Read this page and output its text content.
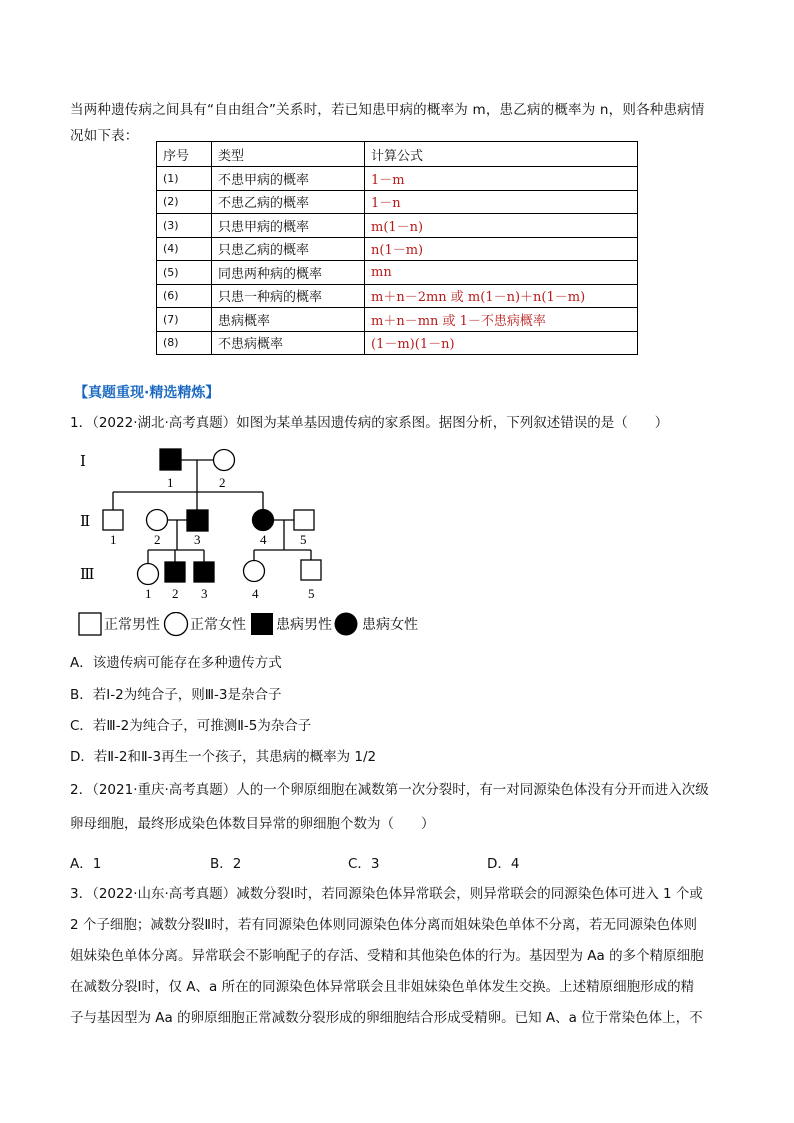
当两种遗传病之间具有“自由组合”关系时，若已知患甲病的概率为 m，患乙病的概率为 n，则各种患病情
况如下表：
序号	类型	计算公式
(1)	不患甲病的概率	1－m
(2)	不患乙病的概率	1－n
(3)	只患甲病的概率	m(1－n)
(4)	只患乙病的概率	n(1－m)
(5)	同患两种病的概率	mn
(6)	只患一种病的概率	m＋n－2mn 或 m(1－n)＋n(1－m)
(7)	患病概率	m＋n－mn 或 1－不患病概率
(8)	不患病概率	(1－m)(1－n)
【真题重现·精选精炼】
1．（2022·湖北·高考真题）如图为某单基因遗传病的家系图。据图分析，下列叙述错误的是（　　）
Ⅰ
Ⅱ
Ⅲ
1	2
1	2	3	4	5
1 2 3	4	5
正常男性 正常女性 患病男性 患病女性
A．该遗传病可能存在多种遗传方式
B．若Ⅰ-2为纯合子，则Ⅲ-3是杂合子
C．若Ⅲ-2为纯合子，可推测Ⅱ-5为杂合子
D．若Ⅱ-2和Ⅱ-3再生一个孩子，其患病的概率为 1/2
2．（2021·重庆·高考真题）人的一个卵原细胞在减数第一次分裂时，有一对同源染色体没有分开而进入次级
卵母细胞，最终形成染色体数目异常的卵细胞个数为（　　）
A．1	B．2	C．3	D．4
3．（2022·山东·高考真题）减数分裂Ⅰ时，若同源染色体异常联会，则异常联会的同源染色体可进入 1 个或
2 个子细胞；减数分裂Ⅱ时，若有同源染色体则同源染色体分离而姐妹染色单体不分离，若无同源染色体则
姐妹染色单体分离。异常联会不影响配子的存活、受精和其他染色体的行为。基因型为 Aa 的多个精原细胞
在减数分裂Ⅰ时，仅 A、a 所在的同源染色体异常联会且非姐妹染色单体发生交换。上述精原细胞形成的精
子与基因型为 Aa 的卵原细胞正常减数分裂形成的卵细胞结合形成受精卵。已知 A、a 位于常染色体上，不
